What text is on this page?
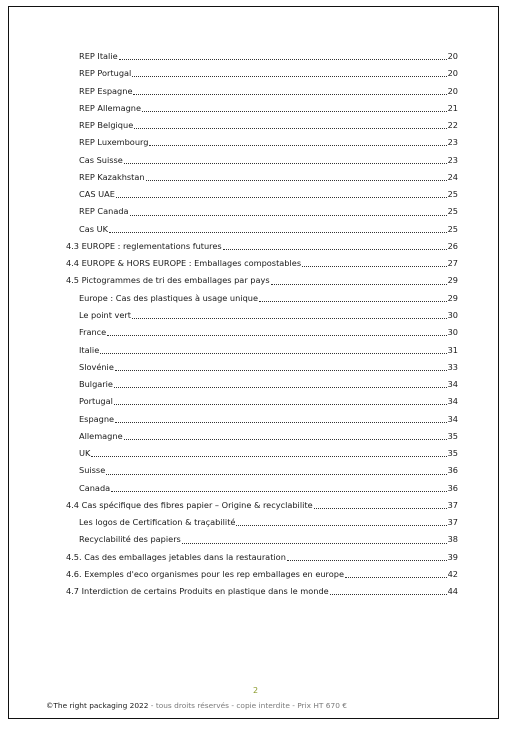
REP Italie	20
REP Portugal	20
REP Espagne	20
REP Allemagne	21
REP Belgique	22
REP Luxembourg	23
Cas Suisse	23
REP Kazakhstan	24
CAS UAE	25
REP Canada	25
Cas UK	25
4.3 EUROPE : reglementations futures	26
4.4 EUROPE & HORS EUROPE : Emballages compostables	27
4.5 Pictogrammes de tri des emballages par pays	29
Europe : Cas des plastiques à usage unique	29
Le point vert	30
France	30
Italie	31
Slovénie	33
Bulgarie	34
Portugal	34
Espagne	34
Allemagne	35
UK	35
Suisse	36
Canada	36
4.4 Cas spécifique des fibres papier – Origine & recyclabilite	37
Les logos de Certification & traçabilité	37
Recyclabilité des papiers	38
4.5. Cas des emballages jetables dans la restauration	39
4.6. Exemples d'eco organismes pour les rep emballages en europe	42
4.7 Interdiction de certains Produits en plastique dans le monde	44
2
©The right packaging 2022 - tous droits réservés - copie interdite - Prix HT 670 €
